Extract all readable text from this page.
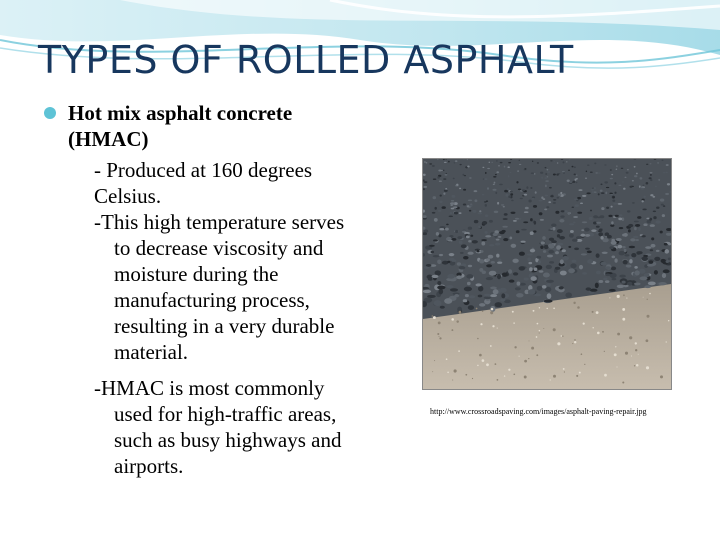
TYPES OF ROLLED ASPHALT
Hot mix asphalt concrete
(HMAC)
- Produced at 160 degrees
Celsius.
-This high temperature serves
to decrease viscosity and
moisture during the
manufacturing process,
resulting in a very durable
material.
-HMAC is most commonly
used for high-traffic areas,
such as busy highways and
airports.
http://www.crossroadspaving.com/images/asphalt-paving-repair.jpg
